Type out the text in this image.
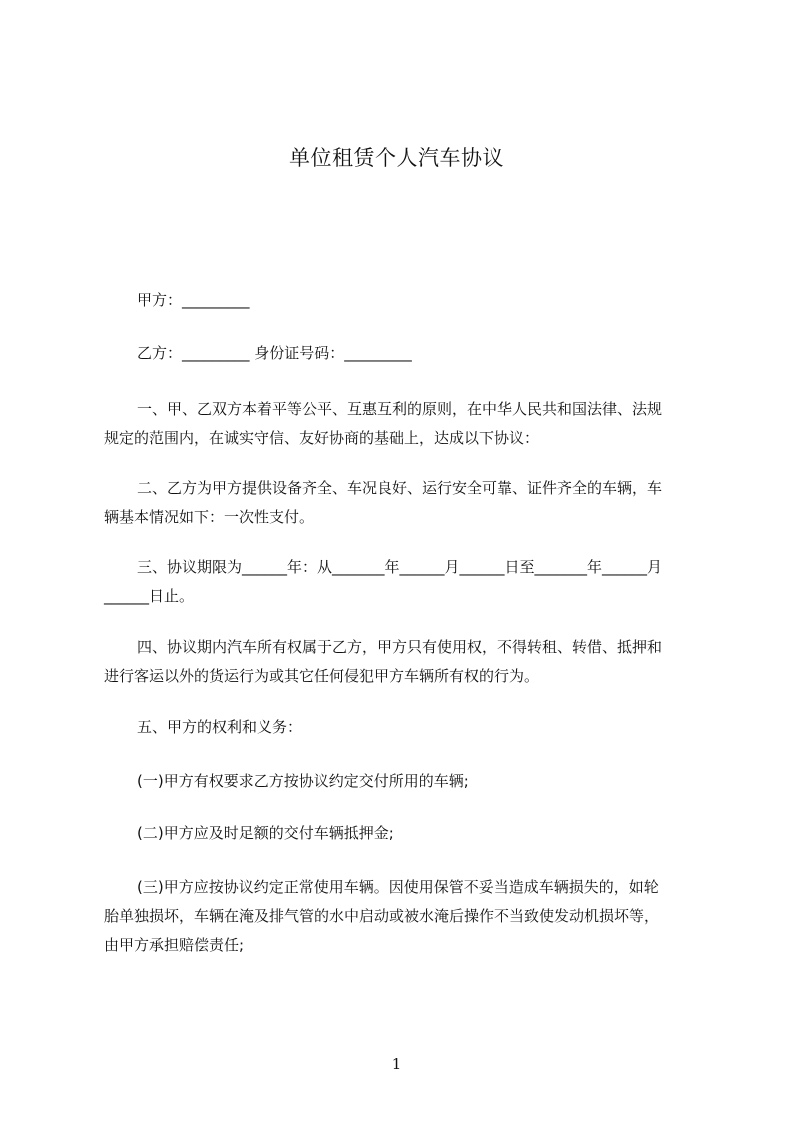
单位租赁个人汽车协议

甲方：_________

乙方：_________ 身份证号码：_________

一、甲、乙双方本着平等公平、互惠互利的原则，在中华人民共和国法律、法规
规定的范围内，在诚实守信、友好协商的基础上，达成以下协议：
二、乙方为甲方提供设备齐全、车况良好、运行安全可靠、证件齐全的车辆，车
辆基本情况如下：一次性支付。
三、协议期限为______年：从_______年______月______日至_______年______月
______日止。
四、协议期内汽车所有权属于乙方，甲方只有使用权，不得转租、转借、抵押和
进行客运以外的货运行为或其它任何侵犯甲方车辆所有权的行为。

五、甲方的权利和义务：

(一)甲方有权要求乙方按协议约定交付所用的车辆;

(二)甲方应及时足额的交付车辆抵押金;

(三)甲方应按协议约定正常使用车辆。因使用保管不妥当造成车辆损失的，如轮
胎单独损坏，车辆在淹及排气管的水中启动或被水淹后操作不当致使发动机损坏等，
由甲方承担赔偿责任;
1
